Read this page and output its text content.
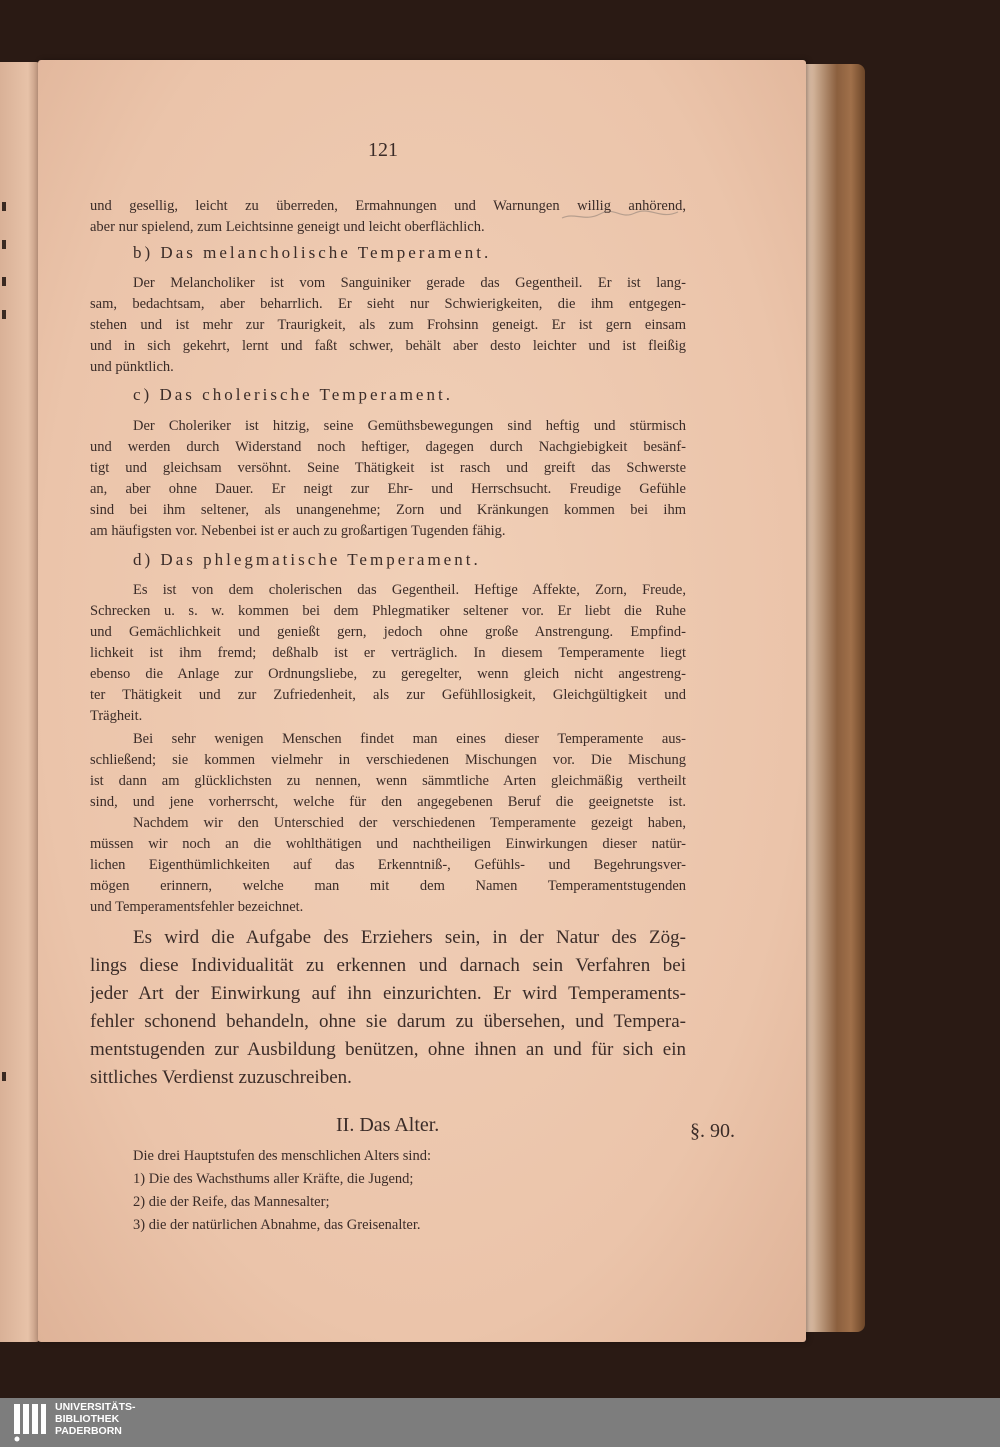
121
und gesellig, leicht zu überreden, Ermahnungen und Warnungen willig anhörend,
aber nur spielend, zum Leichtsinne geneigt und leicht oberflächlich.
b) Das melancholische Temperament.
Der Melancholiker ist vom Sanguiniker gerade das Gegentheil. Er ist lang-
sam, bedachtsam, aber beharrlich. Er sieht nur Schwierigkeiten, die ihm entgegen-
stehen und ist mehr zur Traurigkeit, als zum Frohsinn geneigt. Er ist gern einsam
und in sich gekehrt, lernt und faßt schwer, behält aber desto leichter und ist fleißig
und pünktlich.
c) Das cholerische Temperament.
Der Choleriker ist hitzig, seine Gemüthsbewegungen sind heftig und stürmisch
und werden durch Widerstand noch heftiger, dagegen durch Nachgiebigkeit besänf-
tigt und gleichsam versöhnt. Seine Thätigkeit ist rasch und greift das Schwerste
an, aber ohne Dauer. Er neigt zur Ehr- und Herrschsucht. Freudige Gefühle
sind bei ihm seltener, als unangenehme; Zorn und Kränkungen kommen bei ihm
am häufigsten vor. Nebenbei ist er auch zu großartigen Tugenden fähig.
d) Das phlegmatische Temperament.
Es ist von dem cholerischen das Gegentheil. Heftige Affekte, Zorn, Freude,
Schrecken u. s. w. kommen bei dem Phlegmatiker seltener vor. Er liebt die Ruhe
und Gemächlichkeit und genießt gern, jedoch ohne große Anstrengung. Empfind-
lichkeit ist ihm fremd; deßhalb ist er verträglich. In diesem Temperamente liegt
ebenso die Anlage zur Ordnungsliebe, zu geregelter, wenn gleich nicht angestreng-
ter Thätigkeit und zur Zufriedenheit, als zur Gefühllosigkeit, Gleichgültigkeit und
Trägheit.
Bei sehr wenigen Menschen findet man eines dieser Temperamente aus-
schließend; sie kommen vielmehr in verschiedenen Mischungen vor. Die Mischung
ist dann am glücklichsten zu nennen, wenn sämmtliche Arten gleichmäßig vertheilt
sind, und jene vorherrscht, welche für den angegebenen Beruf die geeignetste ist.
Nachdem wir den Unterschied der verschiedenen Temperamente gezeigt haben,
müssen wir noch an die wohlthätigen und nachtheiligen Einwirkungen dieser natür-
lichen Eigenthümlichkeiten auf das Erkenntniß-, Gefühls- und Begehrungsver-
mögen erinnern, welche man mit dem Namen Temperamentstugenden
und Temperamentsfehler bezeichnet.
Es wird die Aufgabe des Erziehers sein, in der Natur des Zög-
lings diese Individualität zu erkennen und darnach sein Verfahren bei
jeder Art der Einwirkung auf ihn einzurichten. Er wird Temperaments-
fehler schonend behandeln, ohne sie darum zu übersehen, und Tempera-
mentstugenden zur Ausbildung benützen, ohne ihnen an und für sich ein
sittliches Verdienst zuzuschreiben.
II. Das Alter.	§. 90.
Die drei Hauptstufen des menschlichen Alters sind:
1) Die des Wachsthums aller Kräfte, die Jugend;
2) die der Reife, das Mannesalter;
3) die der natürlichen Abnahme, das Greisenalter.
UNIVERSITÄTS-
BIBLIOTHEK
PADERBORN
